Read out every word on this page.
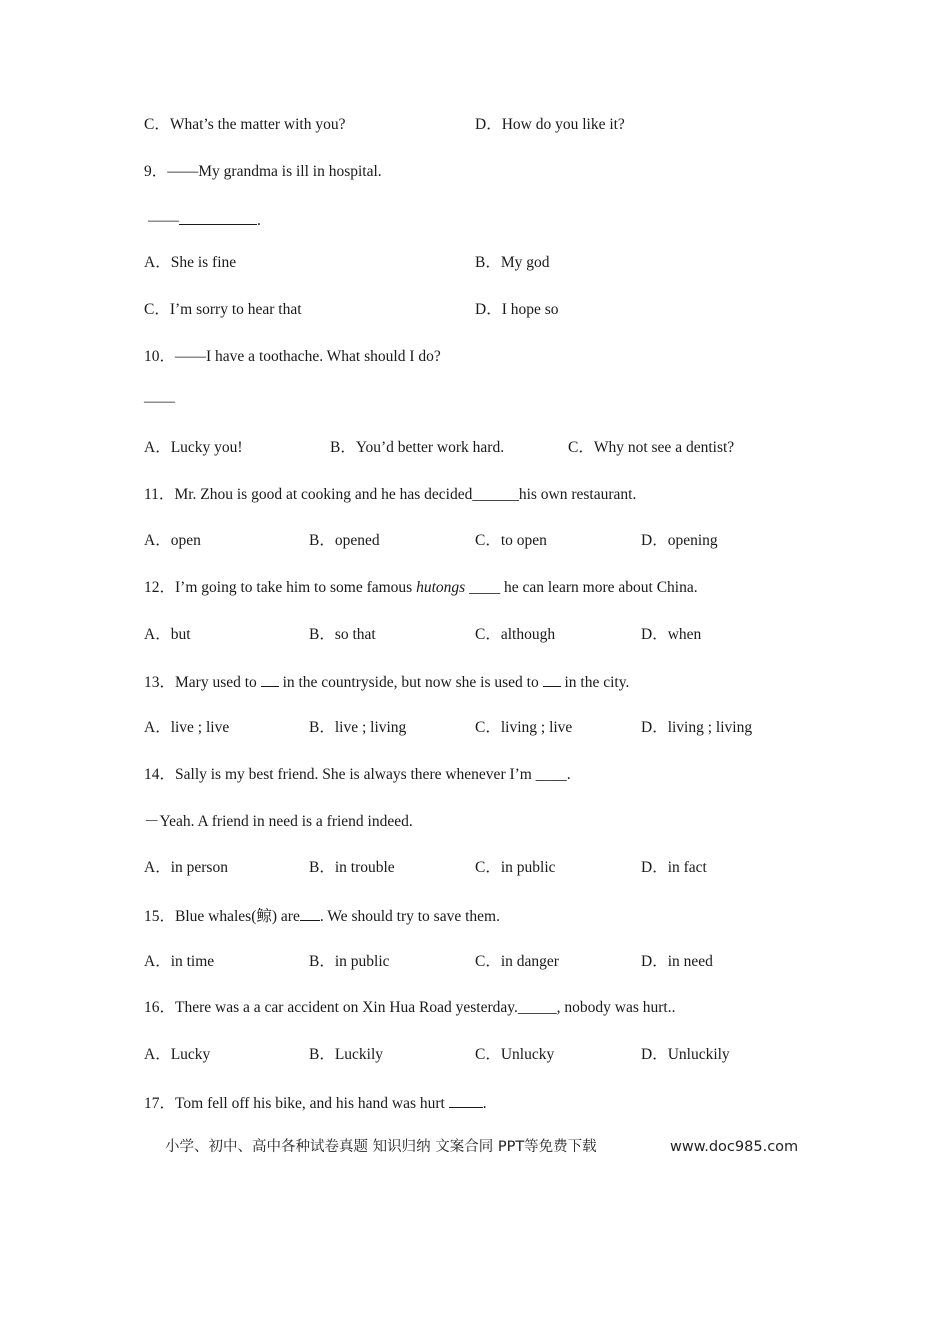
C．What’s the matter with you?	D．How do you like it?
9．——My grandma is ill in hospital.
——	.
A．She is fine	B．My god
C．I’m sorry to hear that	D．I hope so
10．——I have a toothache. What should I do?
——
A．Lucky you!	B．You’d better work hard.	C．Why not see a dentist?
11．Mr. Zhou is good at cooking and he has decided______his own restaurant.
A．open	B．opened	C．to open	D．opening
12．I’m going to take him to some famous hutongs ____ he can learn more about China.
A．but	B．so that	C．although	D．when
13．Mary used to  in the countryside, but now she is used to  in the city.
A．live ; live	B．live ; living	C．living ; live	D．living ; living
14．Sally is my best friend. She is always there whenever I’m ____.
－Yeah. A friend in need is a friend indeed.
A．in person	B．in trouble	C．in public	D．in fact
15．Blue whales(鲸) are . We should try to save them.
A．in time	B．in public	C．in danger	D．in need
16．There was a a car accident on Xin Hua Road yesterday._____, nobody was hurt..
A．Lucky	B．Luckily	C．Unlucky	D．Unluckily
17．Tom fell off his bike, and his hand was hurt .
小学、初中、高中各种试卷真题 知识归纳 文案合同 PPT等免费下载	www.doc985.com
